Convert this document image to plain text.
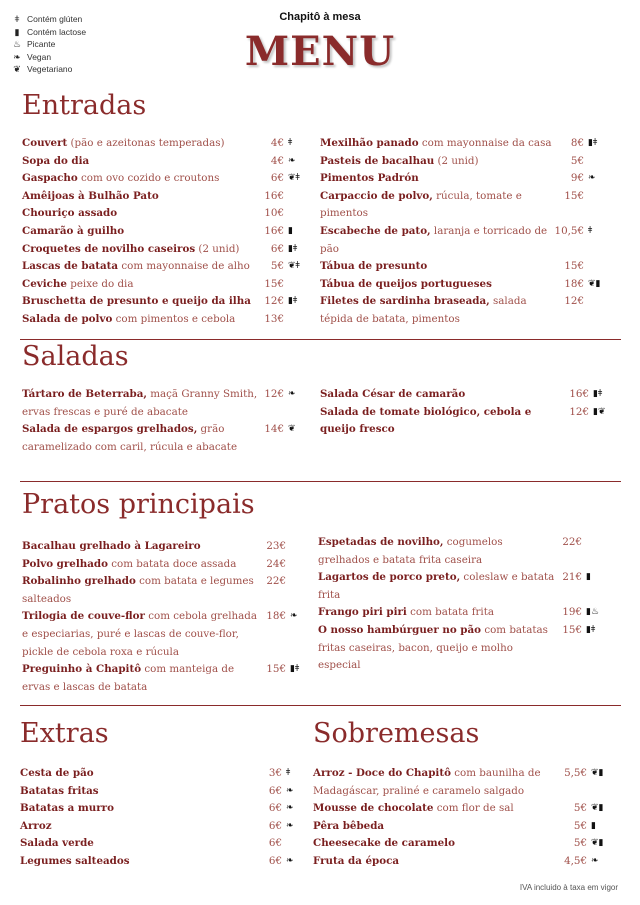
ǂ Contém glúten
▮ Contém lactose
♨ Picante
❧ Vegan
❦ Vegetariano
Chapitô à mesa
MENU
Entradas
Couvert (pão e azeitonas temperadas)	4€ ǂ
Sopa do dia	4€ ❧
Gaspacho com ovo cozido e croutons	6€ ❦ǂ
Amêijoas à Bulhão Pato	16€
Chouriço assado	10€
Camarão à guilho	16€ ▮
Croquetes de novilho caseiros (2 unid)	6€ ▮ǂ
Lascas de batata com mayonnaise de alho	5€ ❦ǂ
Ceviche peixe do dia	15€
Bruschetta de presunto e queijo da ilha	12€ ▮ǂ
Salada de polvo com pimentos e cebola	13€
Mexilhão panado com mayonnaise da casa	8€ ▮ǂ
Pasteis de bacalhau (2 unid)	5€
Pimentos Padrón	9€ ❧
Carpaccio de polvo, rúcula, tomate e pimentos
15€
Escabeche de pato, laranja e torricado de pão
10,5€ ǂ
Tábua de presunto	15€
Tábua de queijos portugueses	18€ ❦▮
Filetes de sardinha braseada, salada tépida de batata, pimentos
12€
Saladas
Tártaro de Beterraba, maçã Granny Smith, ervas frescas e puré de abacate
12€ ❧
Salada de espargos grelhados, grão caramelizado com caril, rúcula e abacate
14€ ❦
Salada César de camarão	16€ ▮ǂ
Salada de tomate biológico, cebola e queijo fresco
12€ ▮❦
Pratos principais
Bacalhau grelhado à Lagareiro	23€
Polvo grelhado com batata doce assada	24€
Robalinho grelhado com batata e legumes salteados
22€
Trilogia de couve-flor com cebola grelhada e especiarias, puré e lascas de couve-flor, pickle de cebola roxa e rúcula
18€ ❧
Preguinho à Chapitô com manteiga de ervas e lascas de batata
15€ ▮ǂ
Espetadas de novilho, cogumelos grelhados e batata frita caseira
22€
Lagartos de porco preto, coleslaw e batata frita
21€ ▮
Frango piri piri com batata frita	19€ ▮♨
O nosso hambúrguer no pão com batatas fritas caseiras, bacon, queijo e molho especial
15€ ▮ǂ
Extras
Cesta de pão	3€ ǂ
Batatas fritas	6€ ❧
Batatas a murro	6€ ❧
Arroz	6€ ❧
Salada verde	6€
Legumes salteados	6€ ❧
Sobremesas
Arroz - Doce do Chapitô com baunilha de Madagáscar, praliné e caramelo salgado
5,5€ ❦▮
Mousse de chocolate com flor de sal	5€ ❦▮
Pêra bêbeda	5€ ▮
Cheesecake de caramelo	5€ ❦▮
Fruta da época	4,5€ ❧
IVA incluido à taxa em vigor
